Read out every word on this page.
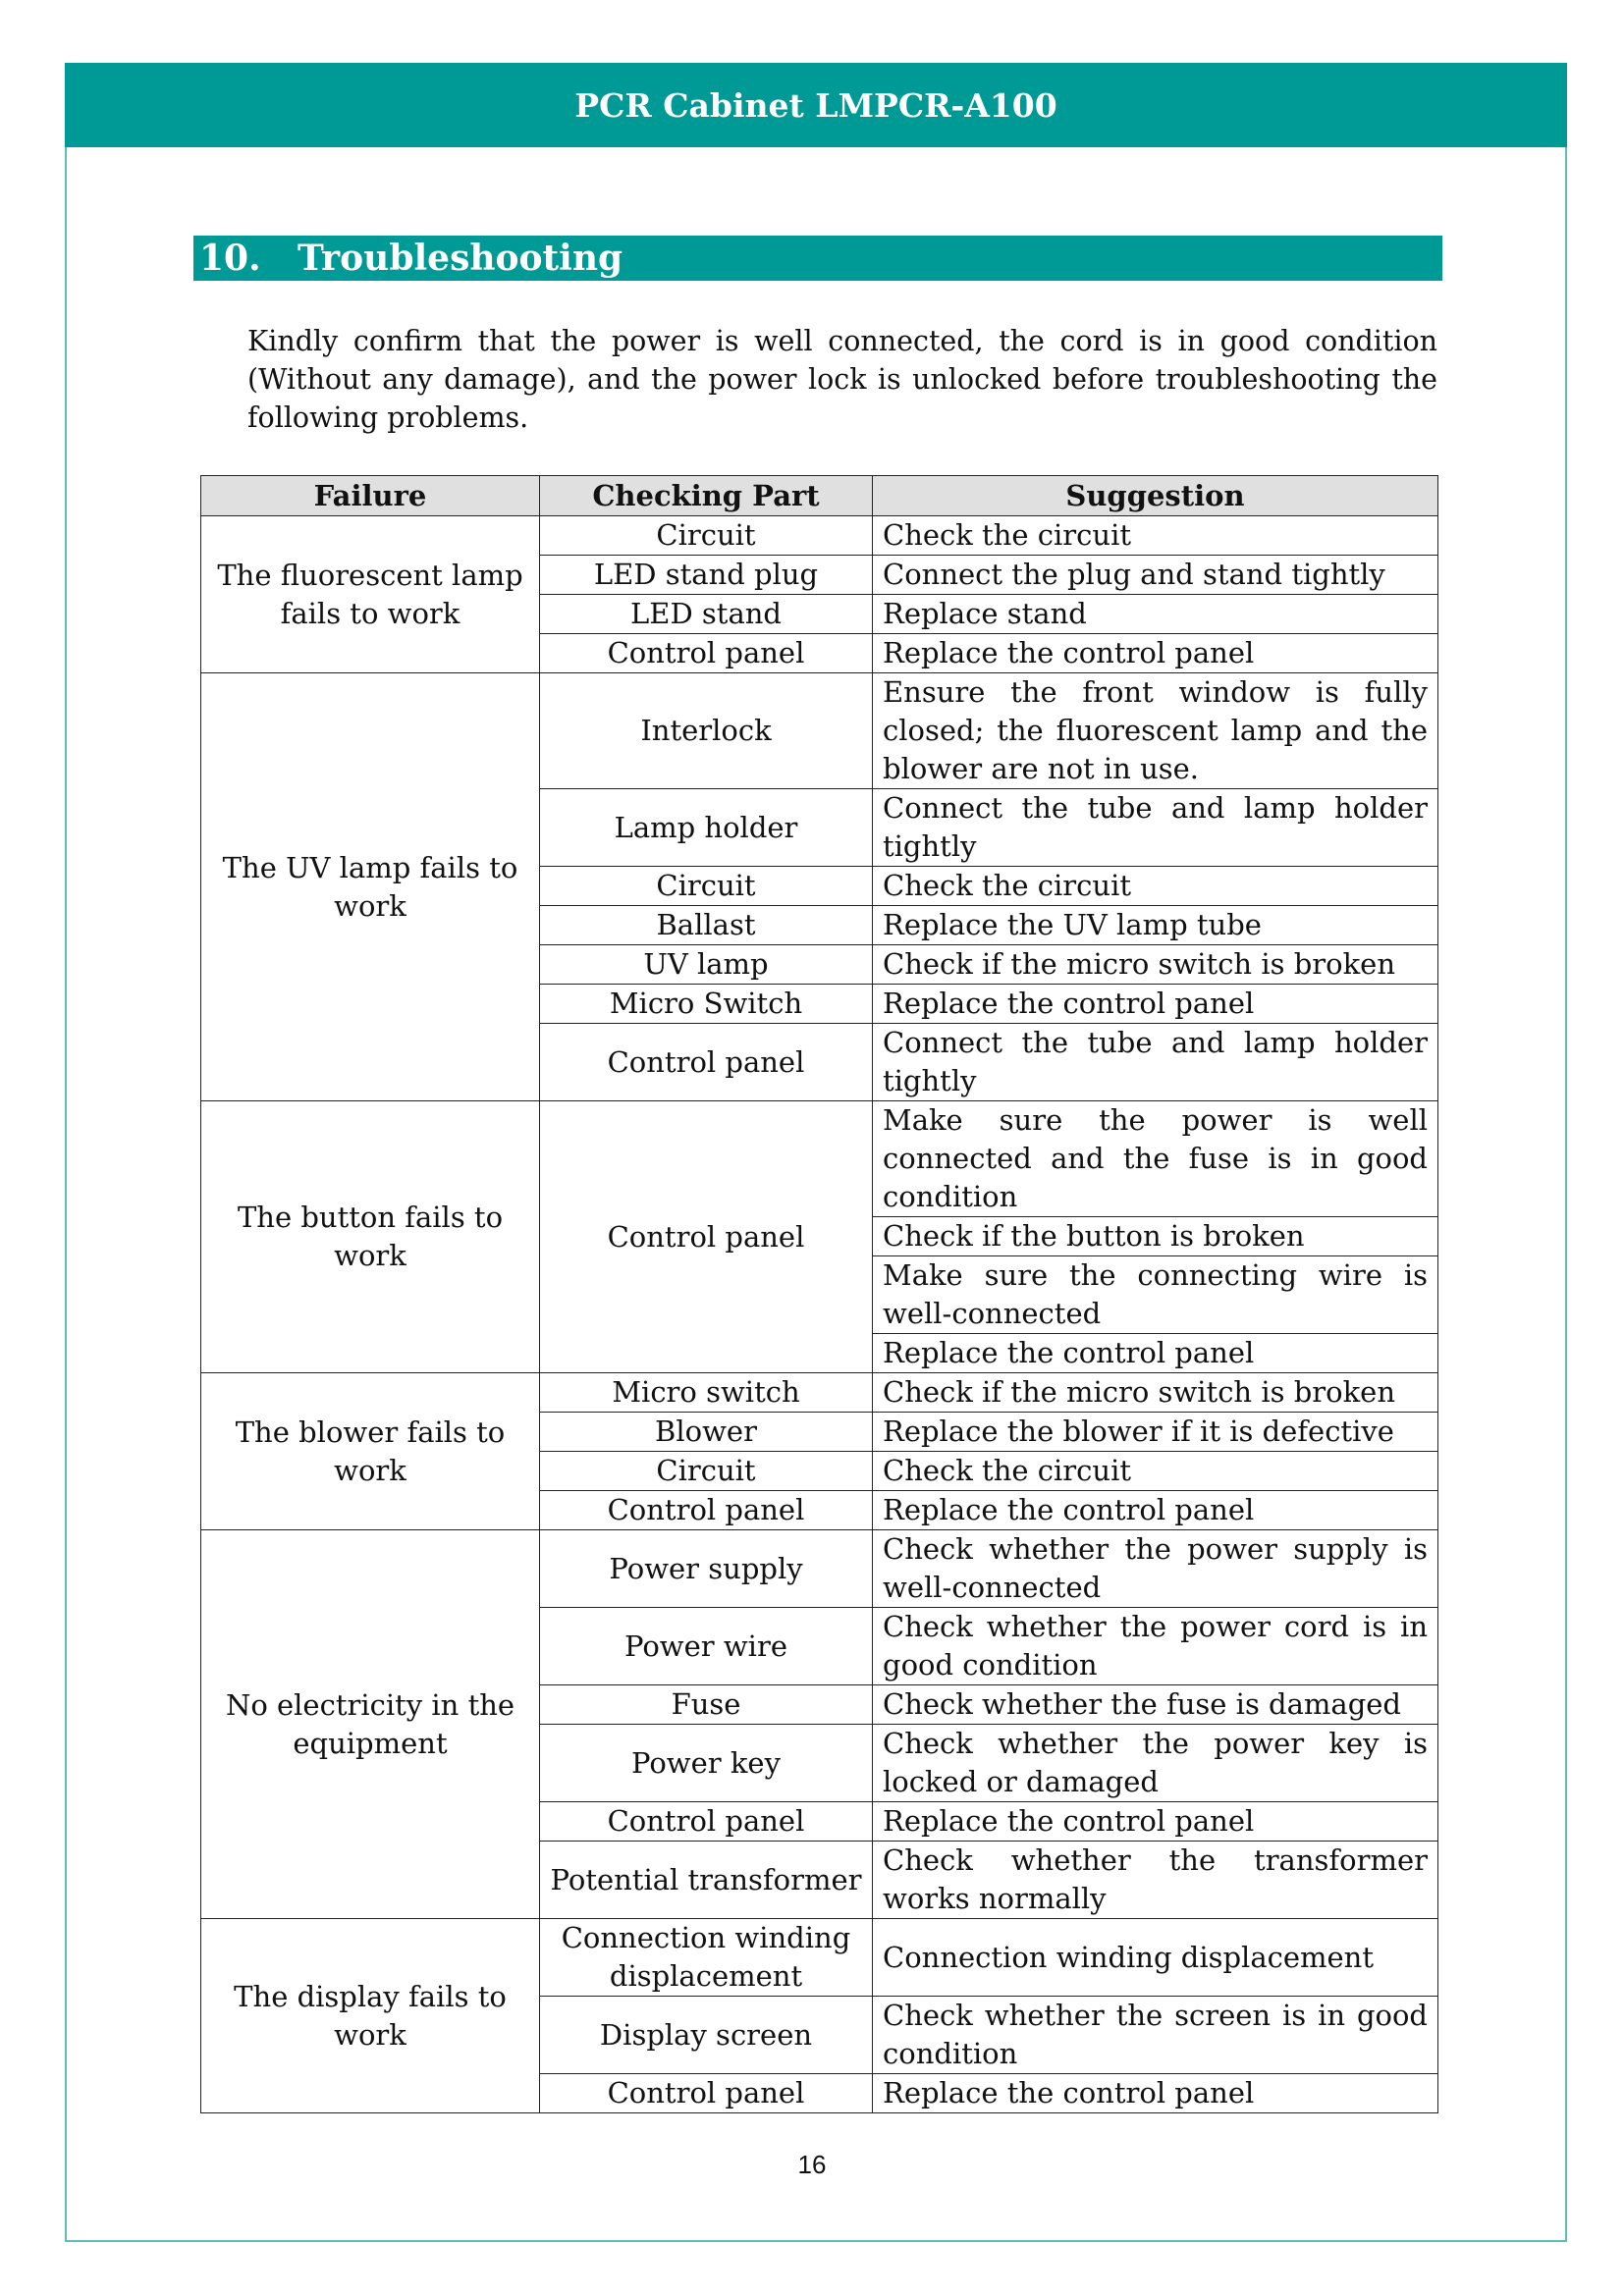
PCR Cabinet LMPCR-A100
10.	Troubleshooting
Kindly confirm that the power is well connected, the cord is in good condition (Without any damage), and the power lock is unlocked before troubleshooting the following problems.
Failure	Checking Part	Suggestion
The fluorescent lamp fails to work	Circuit	Check the circuit
	LED stand plug	Connect the plug and stand tightly
	LED stand	Replace stand
	Control panel	Replace the control panel
The UV lamp fails to work	Interlock	Ensure the front window is fully closed; the fluorescent lamp and the blower are not in use.
	Lamp holder	Connect the tube and lamp holder tightly
	Circuit	Check the circuit
	Ballast	Replace the UV lamp tube
	UV lamp	Check if the micro switch is broken
	Micro Switch	Replace the control panel
	Control panel	Connect the tube and lamp holder tightly
The button fails to work	Control panel	Make sure the power is well connected and the fuse is in good condition
		Check if the button is broken
		Make sure the connecting wire is well-connected
		Replace the control panel
The blower fails to work	Micro switch	Check if the micro switch is broken
	Blower	Replace the blower if it is defective
	Circuit	Check the circuit
	Control panel	Replace the control panel
No electricity in the equipment	Power supply	Check whether the power supply is well-connected
	Power wire	Check whether the power cord is in good condition
	Fuse	Check whether the fuse is damaged
	Power key	Check whether the power key is locked or damaged
	Control panel	Replace the control panel
	Potential transformer	Check whether the transformer works normally
The display fails to work	Connection winding displacement	Connection winding displacement
	Display screen	Check whether the screen is in good condition
	Control panel	Replace the control panel
16
